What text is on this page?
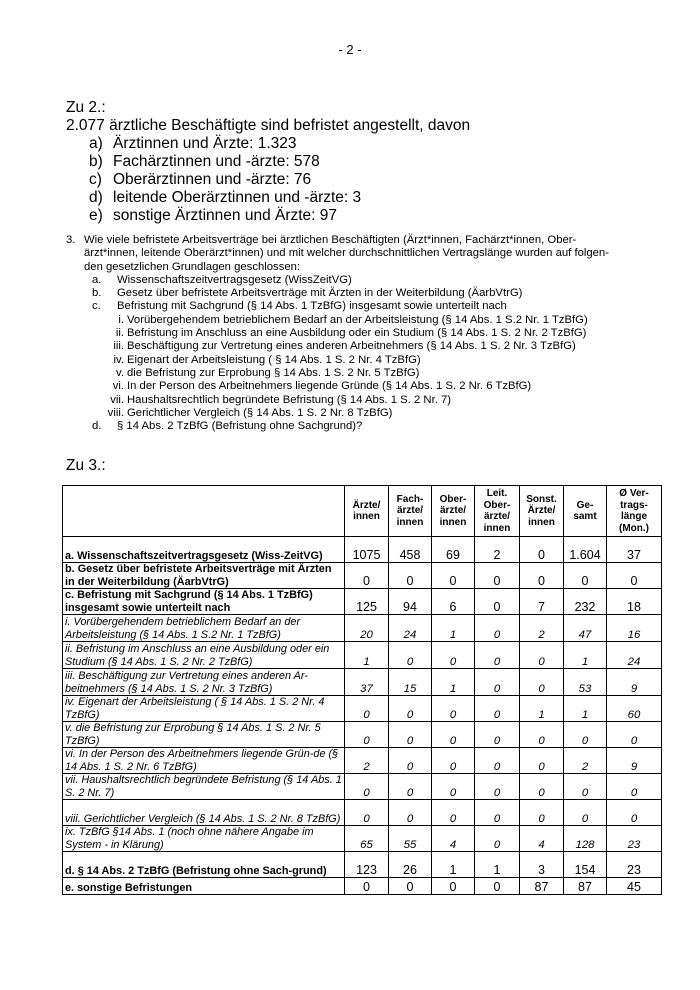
- 2 -
Zu 2.:
2.077 ärztliche Beschäftigte sind befristet angestellt, davon
a) Ärztinnen und Ärzte: 1.323
b) Fachärztinnen und -ärzte: 578
c) Oberärztinnen und -ärzte: 76
d) leitende Oberärztinnen und -ärzte: 3
e) sonstige Ärztinnen und Ärzte: 97
3. Wie viele befristete Arbeitsverträge bei ärztlichen Beschäftigten (Ärzt*innen, Fachärzt*innen, Ober-
ärzt*innen, leitende Oberärzt*innen) und mit welcher durchschnittlichen Vertragslänge wurden auf folgen-
den gesetzlichen Grundlagen geschlossen:
a. Wissenschaftszeitvertragsgesetz (WissZeitVG)
b. Gesetz über befristete Arbeitsverträge mit Ärzten in der Weiterbildung (ÄarbVtrG)
c. Befristung mit Sachgrund (§ 14 Abs. 1 TzBfG) insgesamt sowie unterteilt nach
i. Vorübergehendem betrieblichem Bedarf an der Arbeitsleistung (§ 14 Abs. 1 S.2 Nr. 1 TzBfG)
ii. Befristung im Anschluss an eine Ausbildung oder ein Studium (§ 14 Abs. 1 S. 2 Nr. 2 TzBfG)
iii. Beschäftigung zur Vertretung eines anderen Arbeitnehmers (§ 14 Abs. 1 S. 2 Nr. 3 TzBfG)
iv. Eigenart der Arbeitsleistung ( § 14 Abs. 1 S. 2 Nr. 4 TzBfG)
v. die Befristung zur Erprobung § 14 Abs. 1 S. 2 Nr. 5 TzBfG)
vi. In der Person des Arbeitnehmers liegende Gründe (§ 14 Abs. 1 S. 2 Nr. 6 TzBfG)
vii. Haushaltsrechtlich begründete Befristung (§ 14 Abs. 1 S. 2 Nr. 7)
viii. Gerichtlicher Vergleich (§ 14 Abs. 1 S. 2 Nr. 8 TzBfG)
d. § 14 Abs. 2 TzBfG (Befristung ohne Sachgrund)?
Zu 3.:
	Ärzte/ innen	Fach- ärzte/ innen	Ober- ärzte/ innen	Leit. Ober- ärzte/ innen	Sonst. Ärzte/ innen	Ge- samt	Ø Ver- trags- länge (Mon.)
a. Wissenschaftszeitvertragsgesetz (Wiss-ZeitVG)	1075	458	69	2	0	1.604	37
b. Gesetz über befristete Arbeitsverträge mit Ärzten in der Weiterbildung (ÄarbVtrG)	0	0	0	0	0	0	0
c. Befristung mit Sachgrund (§ 14 Abs. 1 TzBfG) insgesamt sowie unterteilt nach	125	94	6	0	7	232	18
i. Vorübergehendem betrieblichem Bedarf an der Arbeitsleistung (§ 14 Abs. 1 S.2 Nr. 1 TzBfG)	20	24	1	0	2	47	16
ii. Befristung im Anschluss an eine Ausbildung oder ein Studium (§ 14 Abs. 1 S. 2 Nr. 2 TzBfG)	1	0	0	0	0	1	24
iii. Beschäftigung zur Vertretung eines anderen Ar-beitnehmers (§ 14 Abs. 1 S. 2 Nr. 3 TzBfG)	37	15	1	0	0	53	9
iv. Eigenart der Arbeitsleistung ( § 14 Abs. 1 S. 2 Nr. 4 TzBfG)	0	0	0	0	1	1	60
v. die Befristung zur Erprobung § 14 Abs. 1 S. 2 Nr. 5 TzBfG)	0	0	0	0	0	0	0
vi. In der Person des Arbeitnehmers liegende Grün-de (§ 14 Abs. 1 S. 2 Nr. 6 TzBfG)	2	0	0	0	0	2	9
vii. Haushaltsrechtlich begründete Befristung (§ 14 Abs. 1 S. 2 Nr. 7)	0	0	0	0	0	0	0
viii. Gerichtlicher Vergleich (§ 14 Abs. 1 S. 2 Nr. 8 TzBfG)	0	0	0	0	0	0	0
ix. TzBfG §14 Abs. 1 (noch ohne nähere Angabe im System - in Klärung)	65	55	4	0	4	128	23
d. § 14 Abs. 2 TzBfG (Befristung ohne Sach-grund)	123	26	1	1	3	154	23
e. sonstige Befristungen	0	0	0	0	87	87	45
